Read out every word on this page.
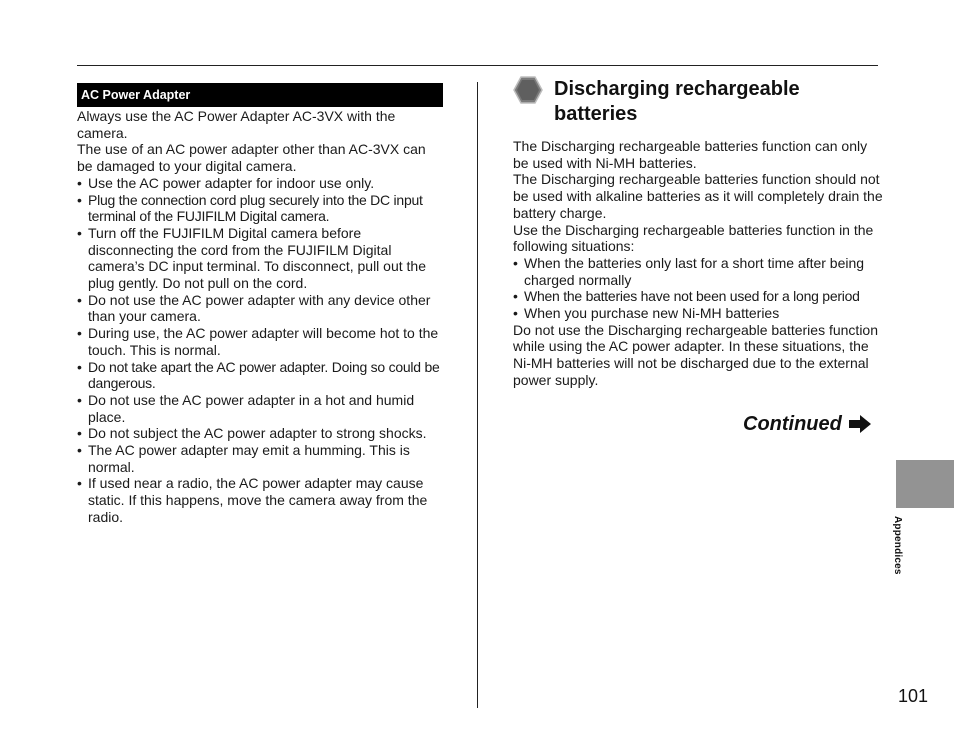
AC Power Adapter

Always use the AC Power Adapter AC-3VX with the camera.

The use of an AC power adapter other than AC-3VX can be damaged to your digital camera.

• Use the AC power adapter for indoor use only.
• Plug the connection cord plug securely into the DC input terminal of the FUJIFILM Digital camera.
• Turn off the FUJIFILM Digital camera before disconnecting the cord from the FUJIFILM Digital camera’s DC input terminal. To disconnect, pull out the plug gently. Do not pull on the cord.
• Do not use the AC power adapter with any device other than your camera.
• During use, the AC power adapter will become hot to the touch. This is normal.
• Do not take apart the AC power adapter. Doing so could be dangerous.
• Do not use the AC power adapter in a hot and humid place.
• Do not subject the AC power adapter to strong shocks.
• The AC power adapter may emit a humming. This is normal.
• If used near a radio, the AC power adapter may cause static. If this happens, move the camera away from the radio.
Discharging rechargeable batteries

The Discharging rechargeable batteries function can only be used with Ni-MH batteries.

The Discharging rechargeable batteries function should not be used with alkaline batteries as it will completely drain the battery charge.

Use the Discharging rechargeable batteries function in the following situations:

• When the batteries only last for a short time after being charged normally
• When the batteries have not been used for a long period
• When you purchase new Ni-MH batteries

Do not use the Discharging rechargeable batteries function while using the AC power adapter. In these situations, the Ni-MH batteries will not be discharged due to the external power supply.

Continued
Appendices
101
